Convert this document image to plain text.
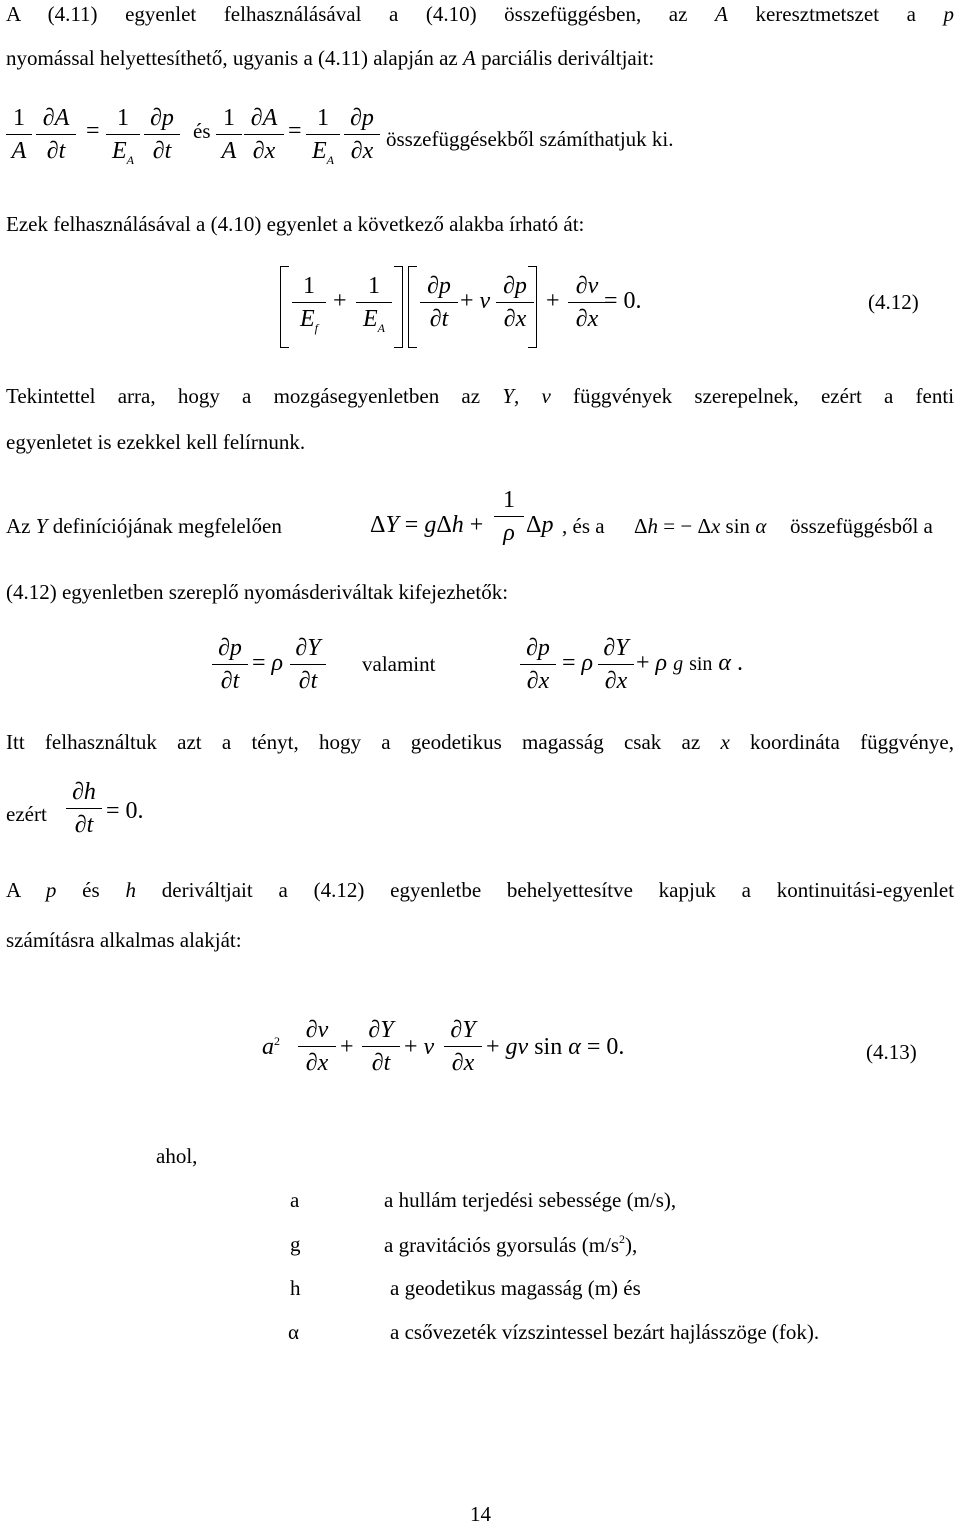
A (4.11) egyenlet felhasználásával a (4.10) összefüggésben, az A keresztmetszet a p
nyomással helyettesíthető, ugyanis a (4.11) alapján az A parciális deriváltjait:
1
A
∂A
∂t
= 1
$E_A$
∂p
∂t
és 1
A
∂A
∂x
= 1
$E_A$
∂p
∂x összefüggésekből számíthatjuk ki.
Ezek felhasználásával a (4.10) egyenlet a következő alakba írható át:
1
$E_f$
+
1
$E_A$
∂p
∂t
+ v
∂p
∂x
+
∂v
∂x
= 0.	(4.12)
Tekintettel arra, hogy a mozgásegyenletben az Y, v függvények szerepelnek, ezért a fenti
egyenletet is ezekkel kell felírnunk.
Az Y definíciójának megfelelően	ΔY = gΔh +
1
ρ Δp , és a Δh = − Δx sin α összefüggésből a
(4.12) egyenletben szereplő nyomásderiváltak kifejezhetők:
∂p
∂t
= ρ
∂Y
∂t
valamint
∂p
∂x
= ρ
∂Y
∂x
+ ρ g sin α .
Itt felhasználtuk azt a tényt, hogy a geodetikus magasság csak az x koordináta függvénye,
ezért
∂h
∂t
= 0.
A p és h deriváltjait a (4.12) egyenletbe behelyettesítve kapjuk a kontinuitási-egyenlet
számításra alkalmas alakját:
$a^2$	∂v
∂x
+
∂Y
∂t
+ v
∂Y
∂x
+ gv sin α = 0.	(4.13)
ahol,
a	a hullám terjedési sebessége (m/s),
g	a gravitációs gyorsulás $(m/s^2)$,
h	a geodetikus magasság (m) és
α	a csővezeték vízszintessel bezárt hajlásszöge (fok).
14
